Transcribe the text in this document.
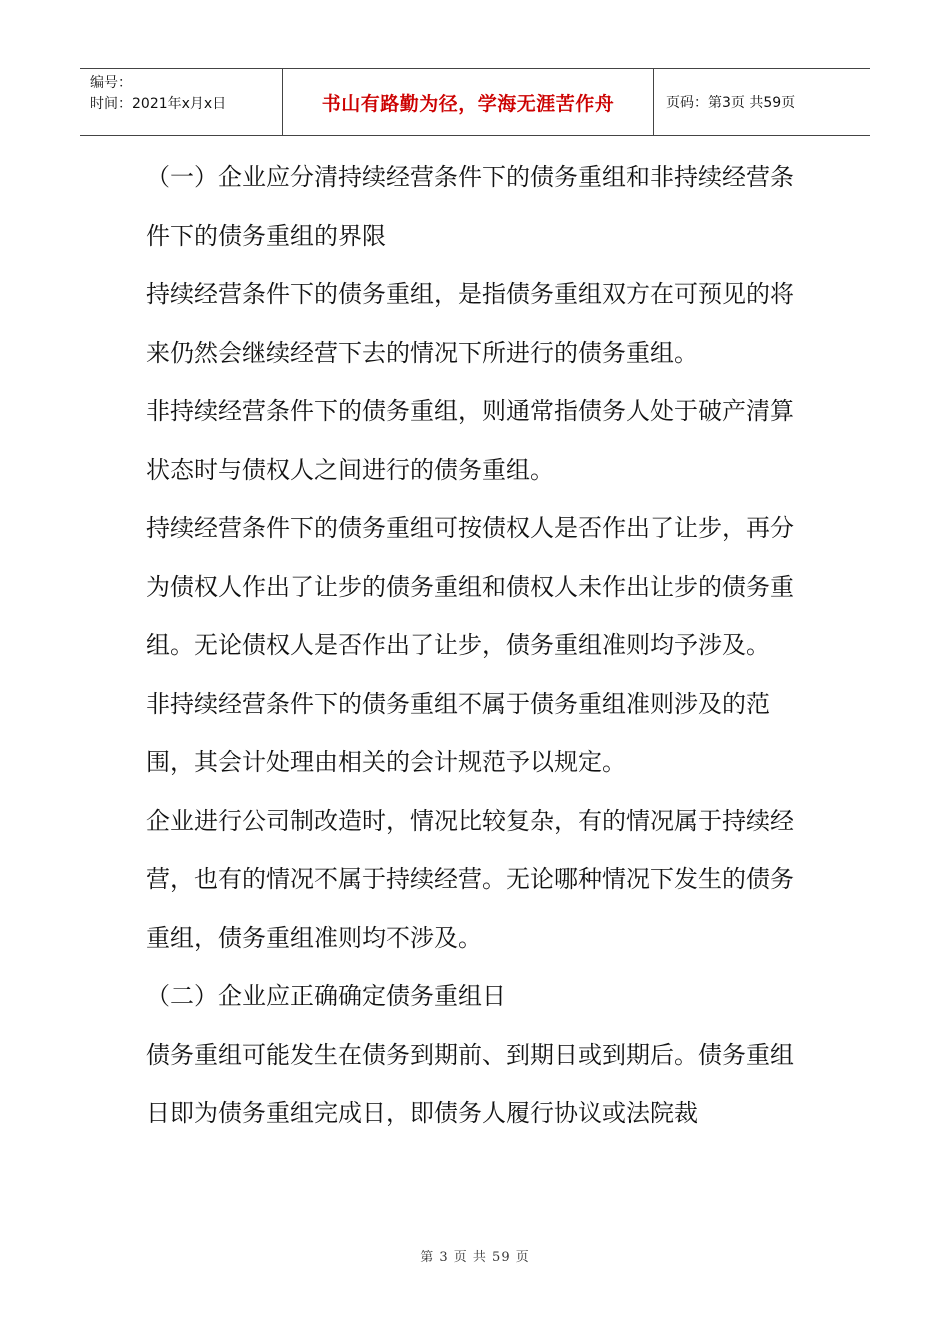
编号：
时间：2021年x月x日	书山有路勤为径，学海无涯苦作舟	页码：第3页 共59页

（一）企业应分清持续经营条件下的债务重组和非持续经营条件下的债务重组的界限

持续经营条件下的债务重组，是指债务重组双方在可预见的将来仍然会继续经营下去的情况下所进行的债务重组。

非持续经营条件下的债务重组，则通常指债务人处于破产清算状态时与债权人之间进行的债务重组。

持续经营条件下的债务重组可按债权人是否作出了让步，再分为债权人作出了让步的债务重组和债权人未作出让步的债务重组。无论债权人是否作出了让步，债务重组准则均予涉及。

非持续经营条件下的债务重组不属于债务重组准则涉及的范围，其会计处理由相关的会计规范予以规定。

企业进行公司制改造时，情况比较复杂，有的情况属于持续经营，也有的情况不属于持续经营。无论哪种情况下发生的债务重组，债务重组准则均不涉及。

（二）企业应正确确定债务重组日

债务重组可能发生在债务到期前、到期日或到期后。债务重组日即为债务重组完成日，即债务人履行协议或法院裁

第 3 页 共 59 页
